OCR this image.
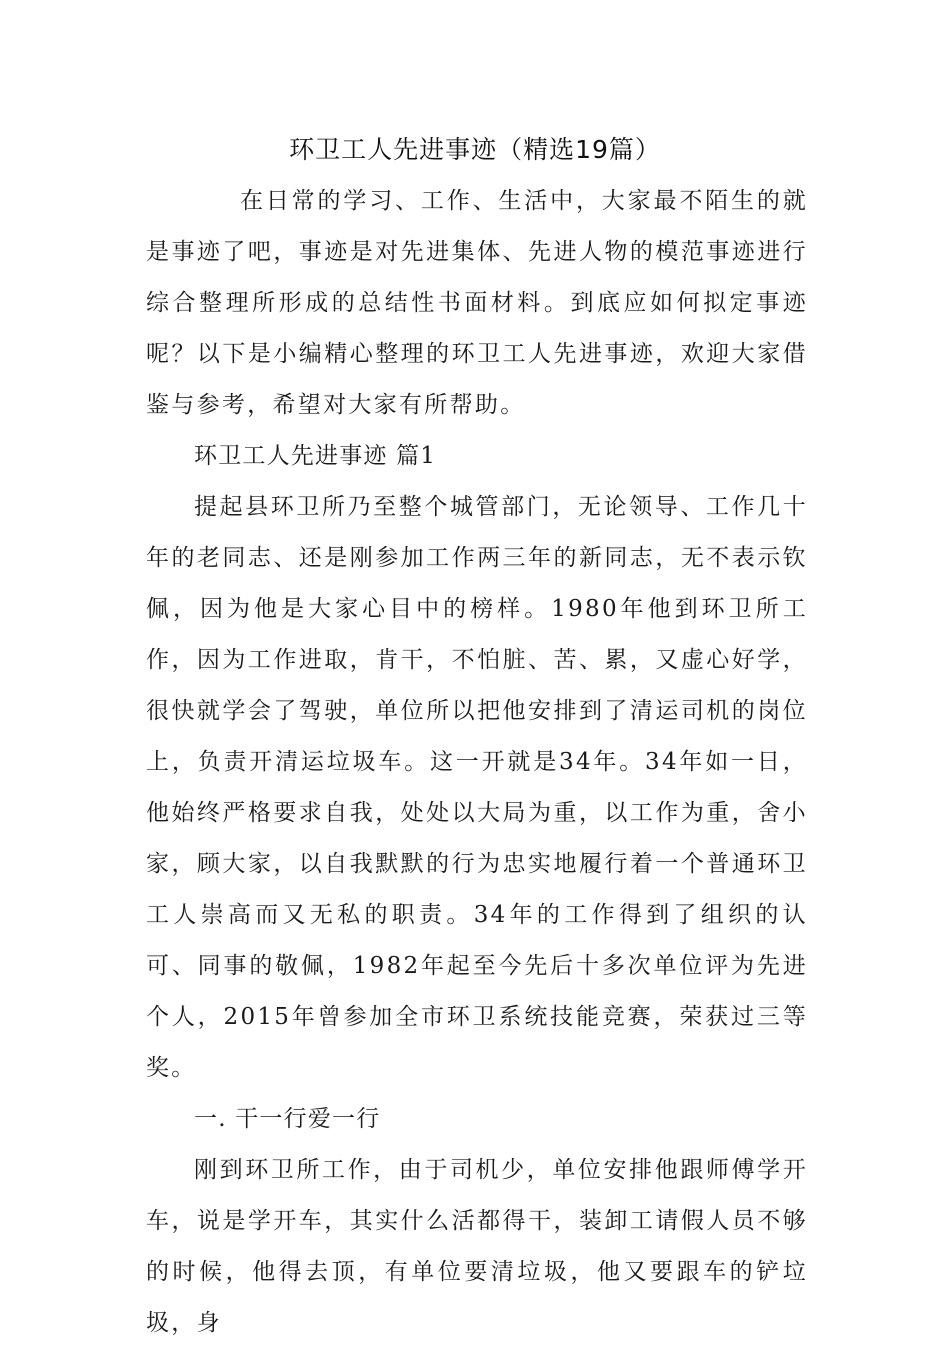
环卫工人先进事迹（精选19篇）

在日常的学习、工作、生活中，大家最不陌生的就是事迹了吧，事迹是对先进集体、先进人物的模范事迹进行综合整理所形成的总结性书面材料。到底应如何拟定事迹呢？以下是小编精心整理的环卫工人先进事迹，欢迎大家借鉴与参考，希望对大家有所帮助。

环卫工人先进事迹 篇1

提起县环卫所乃至整个城管部门，无论领导、工作几十年的老同志、还是刚参加工作两三年的新同志，无不表示钦佩，因为他是大家心目中的榜样。1980年他到环卫所工作，因为工作进取，肯干，不怕脏、苦、累，又虚心好学，很快就学会了驾驶，单位所以把他安排到了清运司机的岗位上，负责开清运垃圾车。这一开就是34年。34年如一日，他始终严格要求自我，处处以大局为重，以工作为重，舍小家，顾大家，以自我默默的行为忠实地履行着一个普通环卫工人崇高而又无私的职责。34年的工作得到了组织的认可、同事的敬佩，1982年起至今先后十多次单位评为先进个人，2015年曾参加全市环卫系统技能竞赛，荣获过三等奖。

一. 干一行爱一行

刚到环卫所工作，由于司机少，单位安排他跟师傅学开车，说是学开车，其实什么活都得干，装卸工请假人员不够的时候，他得去顶，有单位要清垃圾，他又要跟车的铲垃圾，身
